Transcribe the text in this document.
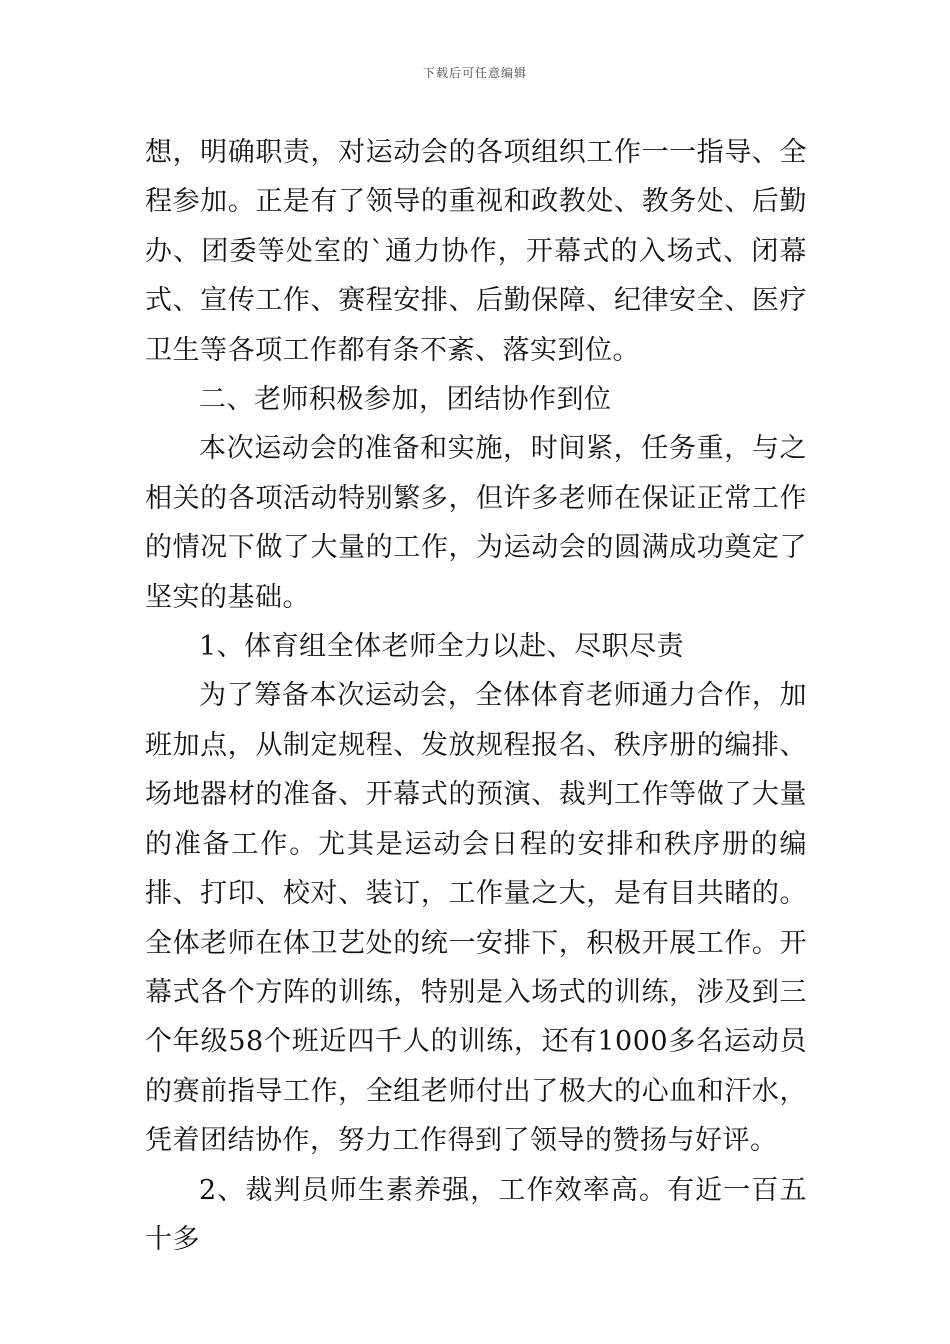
下载后可任意编辑

想，明确职责，对运动会的各项组织工作一一指导、全程参加。正是有了领导的重视和政教处、教务处、后勤办、团委等处室的`通力协作，开幕式的入场式、闭幕式、宣传工作、赛程安排、后勤保障、纪律安全、医疗卫生等各项工作都有条不紊、落实到位。

二、老师积极参加，团结协作到位

本次运动会的准备和实施，时间紧，任务重，与之相关的各项活动特别繁多，但许多老师在保证正常工作的情况下做了大量的工作，为运动会的圆满成功奠定了坚实的基础。

1、体育组全体老师全力以赴、尽职尽责

为了筹备本次运动会，全体体育老师通力合作，加班加点，从制定规程、发放规程报名、秩序册的编排、场地器材的准备、开幕式的预演、裁判工作等做了大量的准备工作。尤其是运动会日程的安排和秩序册的编排、打印、校对、装订，工作量之大，是有目共睹的。全体老师在体卫艺处的统一安排下，积极开展工作。开幕式各个方阵的训练，特别是入场式的训练，涉及到三个年级58个班近四千人的训练，还有1000多名运动员的赛前指导工作，全组老师付出了极大的心血和汗水，凭着团结协作，努力工作得到了领导的赞扬与好评。

2、裁判员师生素养强，工作效率高。有近一百五十多
